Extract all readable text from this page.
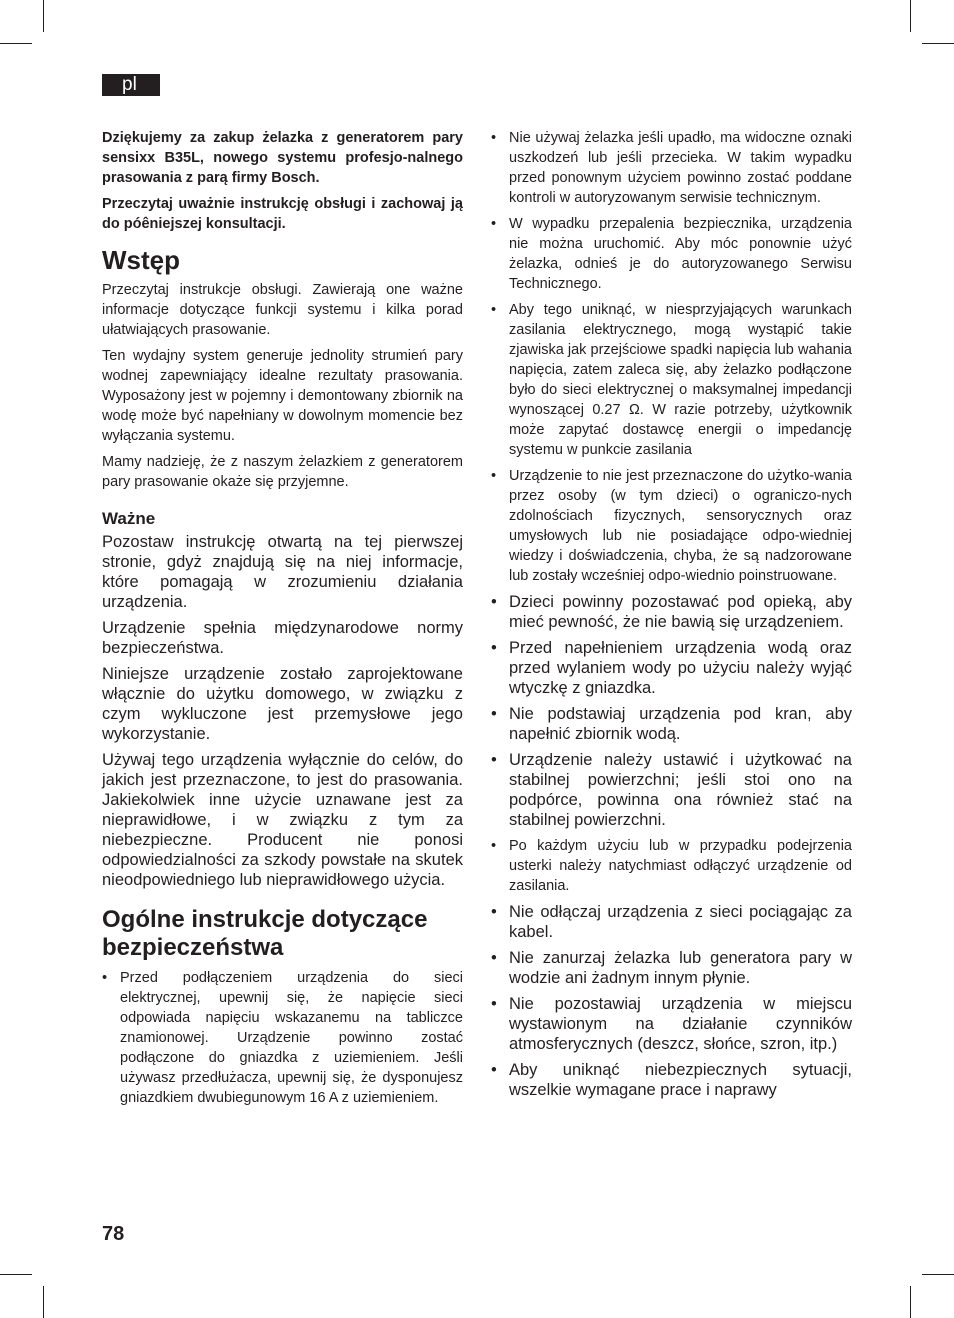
pl

Dziękujemy za zakup żelazka z generatorem pary sensixx B35L, nowego systemu profesjo-nalnego prasowania z parą firmy Bosch.

Przeczytaj uważnie instrukcję obsługi i zachowaj ją do póêniejszej konsultacji.

Wstęp

Przeczytaj instrukcje obsługi. Zawierają one ważne informacje dotyczące funkcji systemu i kilka porad ułatwiających prasowanie.

Ten wydajny system generuje jednolity strumień pary wodnej zapewniający idealne rezultaty prasowania. Wyposażony jest w pojemny i demontowany zbiornik na wodę może być napełniany w dowolnym momencie bez wyłączania systemu.

Mamy nadzieję, że z naszym żelazkiem z generatorem pary prasowanie okaże się przyjemne.

Ważne

Pozostaw instrukcję otwartą na tej pierwszej stronie, gdyż znajdują się na niej informacje, które pomagają w zrozumieniu działania urządzenia.

Urządzenie spełnia międzynarodowe normy bezpieczeństwa.

Niniejsze urządzenie zostało zaprojektowane włącznie do użytku domowego, w związku z czym wykluczone jest przemysłowe jego wykorzystanie.

Używaj tego urządzenia wyłącznie do celów, do jakich jest przeznaczone, to jest do prasowania. Jakiekolwiek inne użycie uznawane jest za nieprawidłowe, i w związku z tym za niebezpieczne. Producent nie ponosi odpowiedzialności za szkody powstałe na skutek nieodpowiedniego lub nieprawidłowego użycia.

Ogólne instrukcje dotyczące bezpieczeństwa
• Przed podłączeniem urządzenia do sieci elektrycznej, upewnij się, że napięcie sieci odpowiada napięciu wskazanemu na tabliczce znamionowej. Urządzenie powinno zostać podłączone do gniazdka z uziemieniem. Jeśli używasz przedłużacza, upewnij się, że dysponujesz gniazdkiem dwubiegunowym 16 A z uziemieniem.
• Nie używaj żelazka jeśli upadło, ma widoczne oznaki uszkodzeń lub jeśli przecieka. W takim wypadku przed ponownym użyciem powinno zostać poddane kontroli w autoryzowanym serwisie technicznym.
• W wypadku przepalenia bezpiecznika, urządzenia nie można uruchomić. Aby móc ponownie użyć żelazka, odnieś je do autoryzowanego Serwisu Technicznego.
• Aby tego uniknąć, w niesprzyjających warunkach zasilania elektrycznego, mogą wystąpić takie zjawiska jak przejściowe spadki napięcia lub wahania napięcia, zatem zaleca się, aby żelazko podłączone było do sieci elektrycznej o maksymalnej impedancji wynoszącej 0.27 Ω. W razie potrzeby, użytkownik może zapytać dostawcę energii o impedancję systemu w punkcie zasilania
• Urządzenie to nie jest przeznaczone do użytko-wania przez osoby (w tym dzieci) o ograniczo-nych zdolnościach fizycznych, sensorycznych oraz umysłowych lub nie posiadające odpo-wiedniej wiedzy i doświadczenia, chyba, że są nadzorowane lub zostały wcześniej odpo-wiednio poinstruowane.
• Dzieci powinny pozostawać pod opieką, aby mieć pewność, że nie bawią się urządzeniem.
• Przed napełnieniem urządzenia wodą oraz przed wylaniem wody po użyciu należy wyjąć wtyczkę z gniazdka.
• Nie podstawiaj urządzenia pod kran, aby napełnić zbiornik wodą.
• Urządzenie należy ustawić i użytkować na stabilnej powierzchni; jeśli stoi ono na podpórce, powinna ona również stać na stabilnej powierzchni.
• Po każdym użyciu lub w przypadku podejrzenia usterki należy natychmiast odłączyć urządzenie od zasilania.
• Nie odłączaj urządzenia z sieci pociągając za kabel.
• Nie zanurzaj żelazka lub generatora pary w wodzie ani żadnym innym płynie.
• Nie pozostawiaj urządzenia w miejscu wystawionym na działanie czynników atmosferycznych (deszcz, słońce, szron, itp.)
• Aby uniknąć niebezpiecznych sytuacji, wszelkie wymagane prace i naprawy
78
